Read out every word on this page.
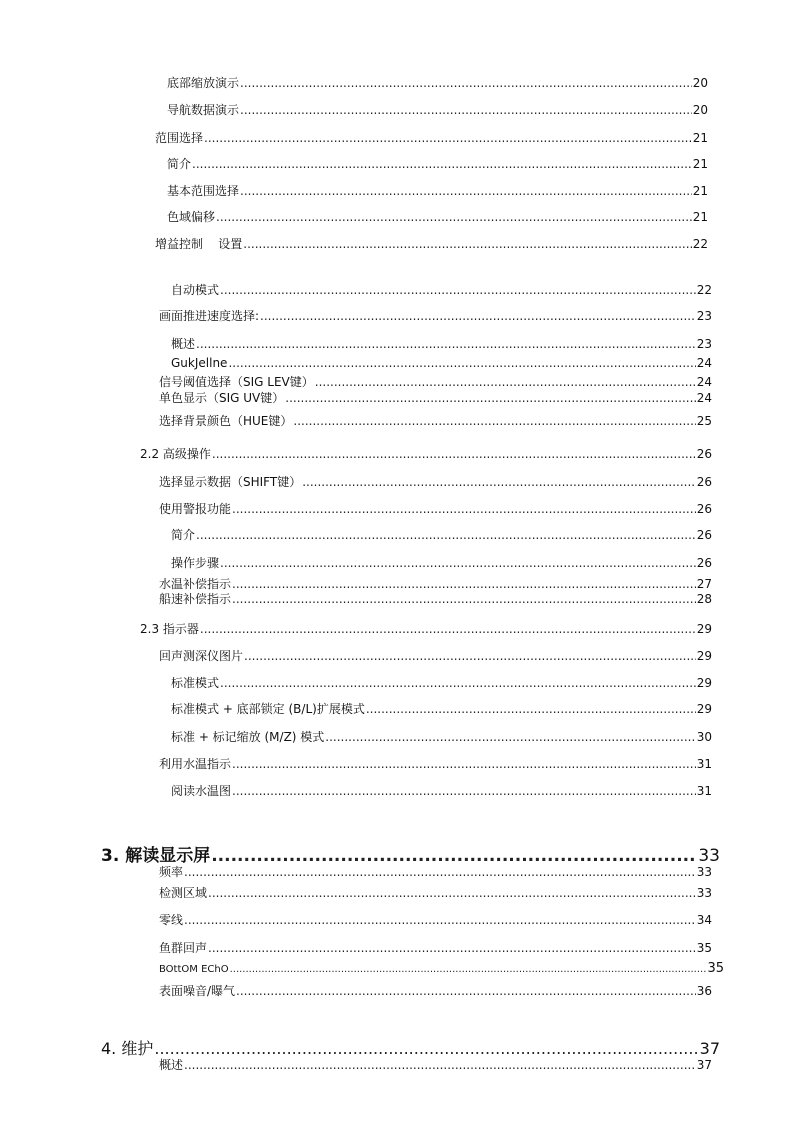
底部缩放演示 .....	20
导航数据演示 .....	20
范围选择 .....	21
简介 .....	21
基本范围选择 .....	21
色域偏移 .....	21
增益控制    设置 .....	22
自动模式 .....	22
画面推进速度选择: .....	23
概述 .....	23
GukJellne .....	24
信号阈值选择（SIG LEV键） .....	24
单色显示（SIG UV键） .....	24
选择背景颜色（HUE键） .....	25
2.2 高级操作 .....	26
选择显示数据（SHIFT键） .....	26
使用警报功能 .....	26
简介 .....	26
操作步骤 .....	26
水温补偿指示 .....	27
船速补偿指示 .....	28
2.3 指示器 .....	29
回声测深仪图片 .....	29
标准模式 .....	29
标准模式 + 底部锁定 (B/L)扩展模式 .....	29
标准 + 标记缩放 (M/Z) 模式 .....	30
利用水温指示 .....	31
阅读水温图 .....	31
3. 解读显示屏 .....	33
频率 .....	33
检测区域 .....	33
零线 .....	34
鱼群回声 .....	35
BOttOM EChO .....	35
表面噪音/曝气 .....	36
4. 维护 .....	37
概述 .....	37
